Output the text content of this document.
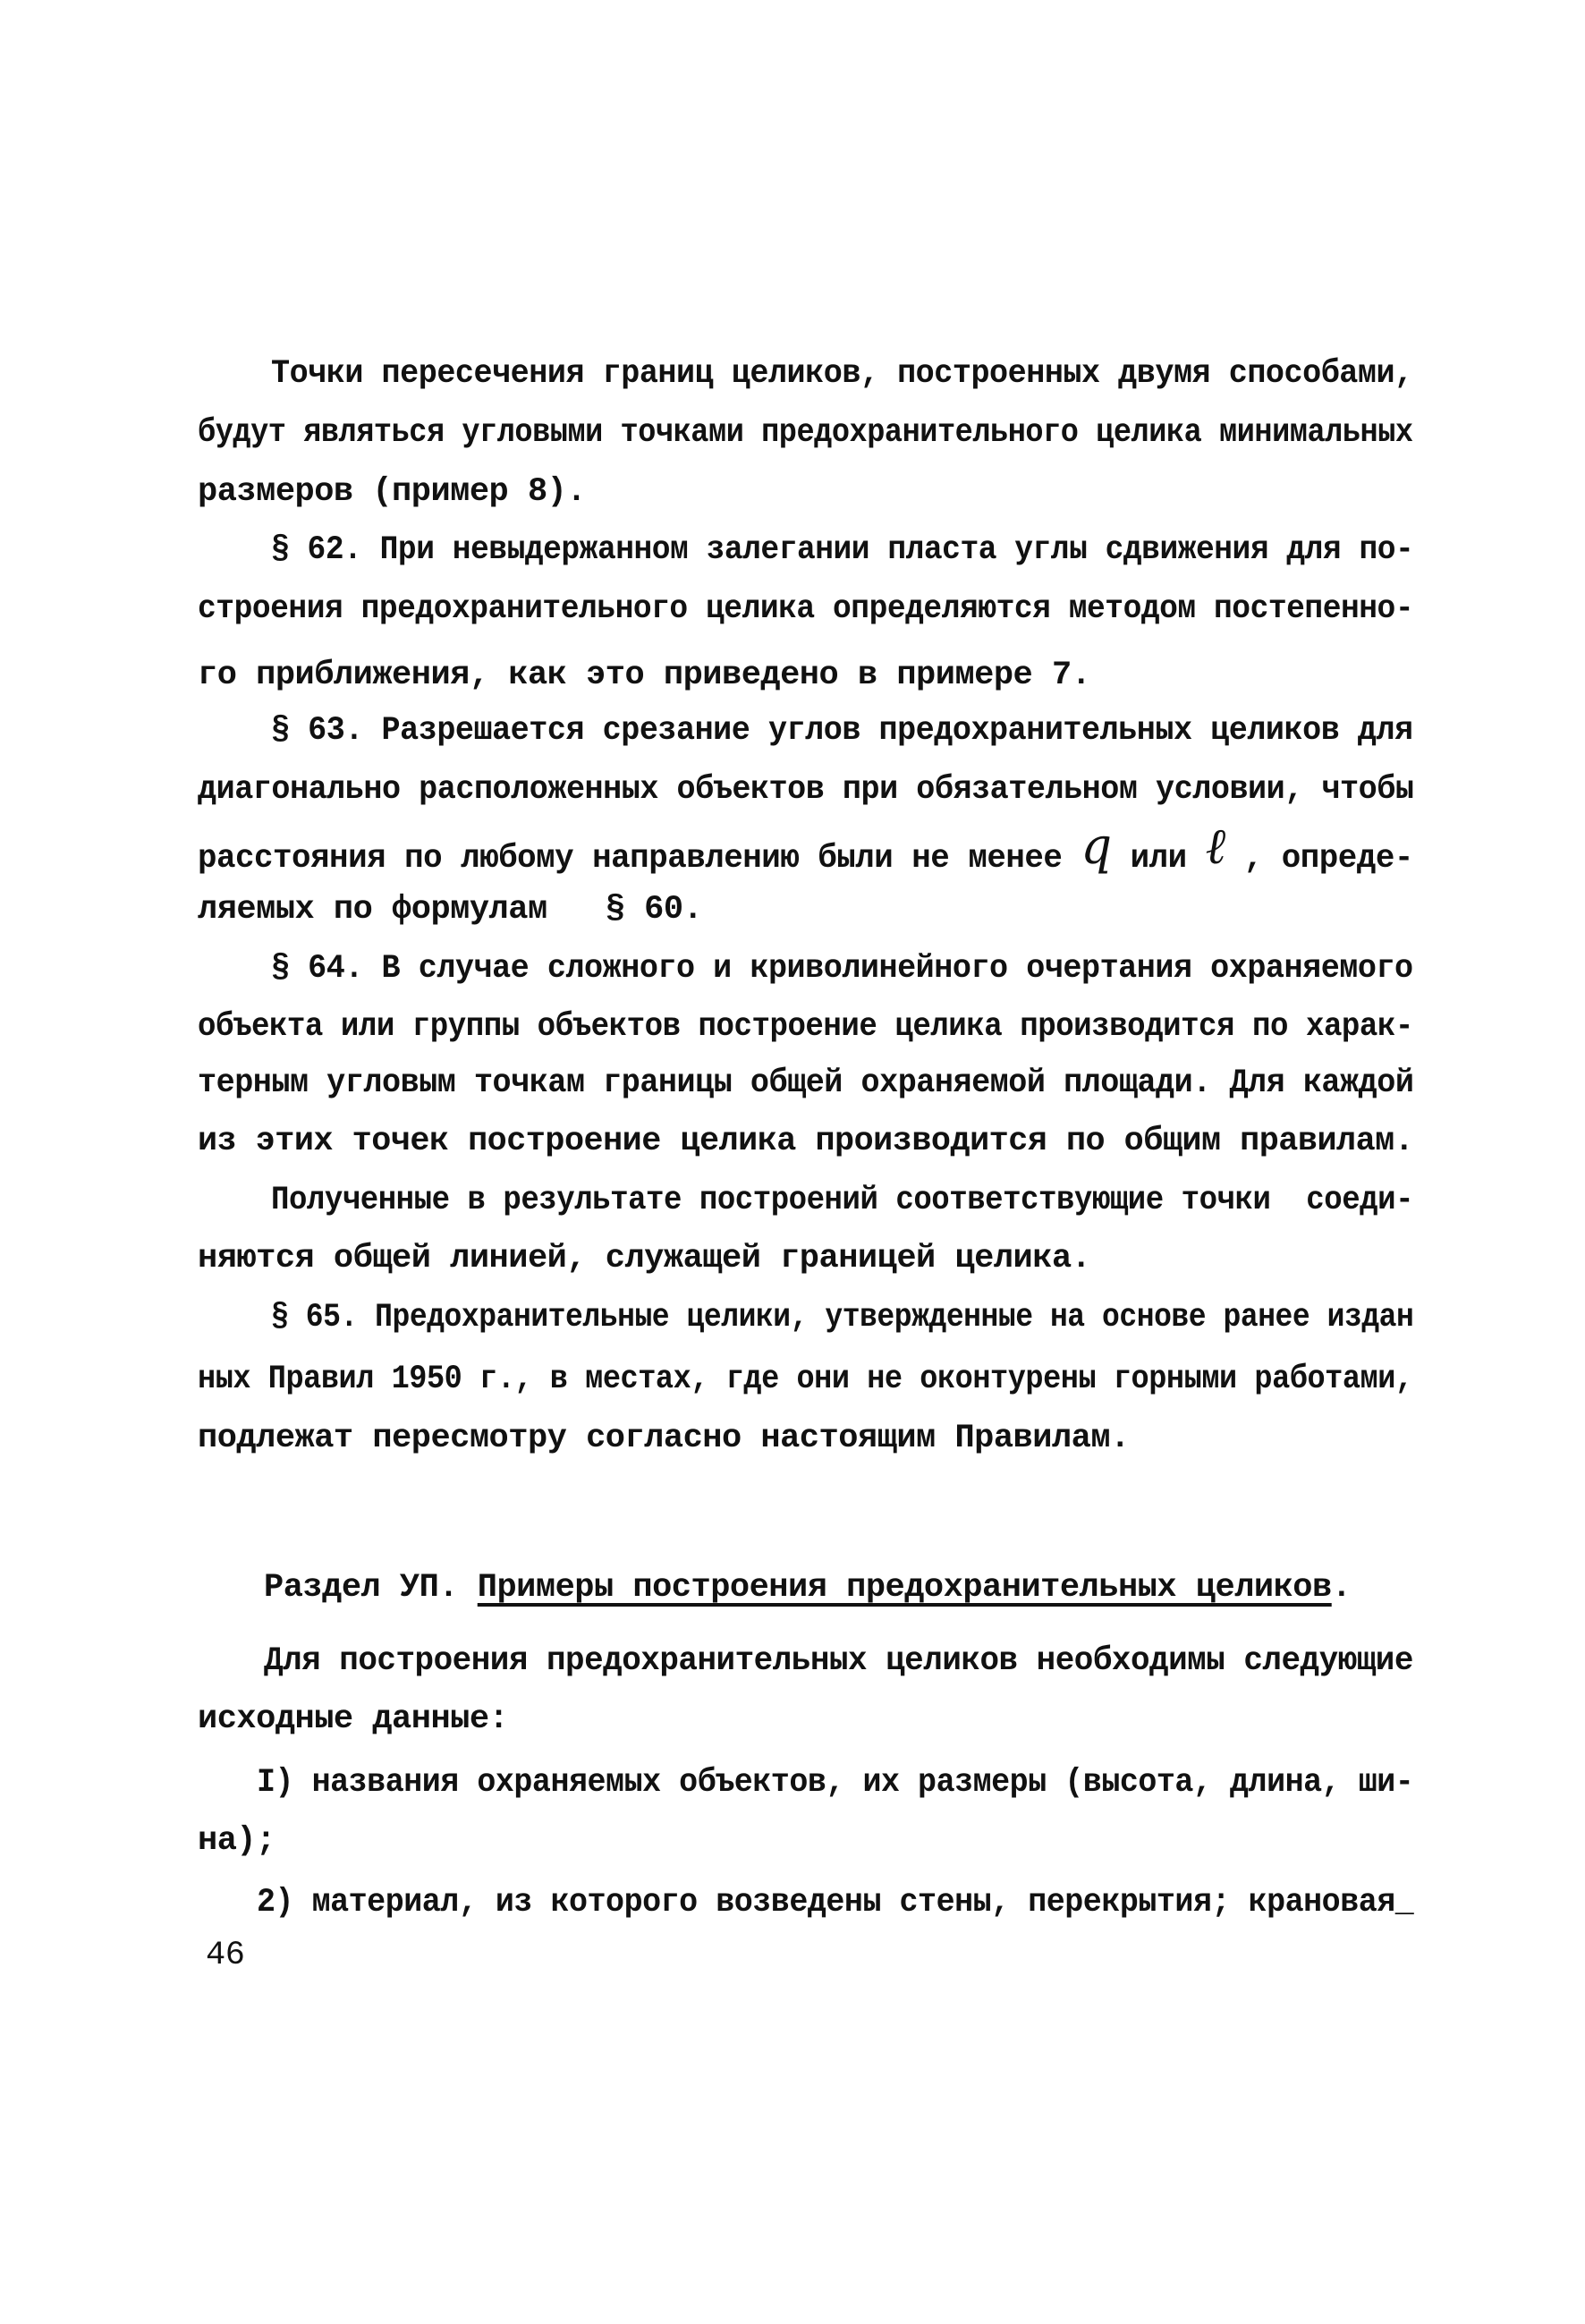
Точки пересечения границ целиков, построенных двумя способами,
будут являться угловыми точками предохранительного целика минимальных
размеров (пример 8).
§ 62. При невыдержанном залегании пласта углы сдвижения для по-
строения предохранительного целика определяются методом постепенно-
го приближения, как это приведено в примере 7.
§ 63. Разрешается срезание углов предохранительных целиков для
диагонально расположенных объектов при обязательном условии, чтобы
расстояния по любому направлению были не менее q или ℓ , опреде-
ляемых по формулам   § 60.
§ 64. В случае сложного и криволинейного очертания охраняемого
объекта или группы объектов построение целика производится по харак-
терным угловым точкам границы общей охраняемой площади. Для каждой
из этих точек построение целика производится по общим правилам.
Полученные в результате построений соответствующие точки  соеди-
няются общей линией, служащей границей целика.
§ 65. Предохранительные целики, утвержденные на основе ранее издан
ных Правил 1950 г., в местах, где они не оконтурены горными работами,
подлежат пересмотру согласно настоящим Правилам.
Раздел УП. Примеры построения предохранительных целиков.
Для построения предохранительных целиков необходимы следующие
исходные данные:
I) названия охраняемых объектов, их размеры (высота, длина, ши-
на);
2) материал, из которого возведены стены, перекрытия; крановая_
46
